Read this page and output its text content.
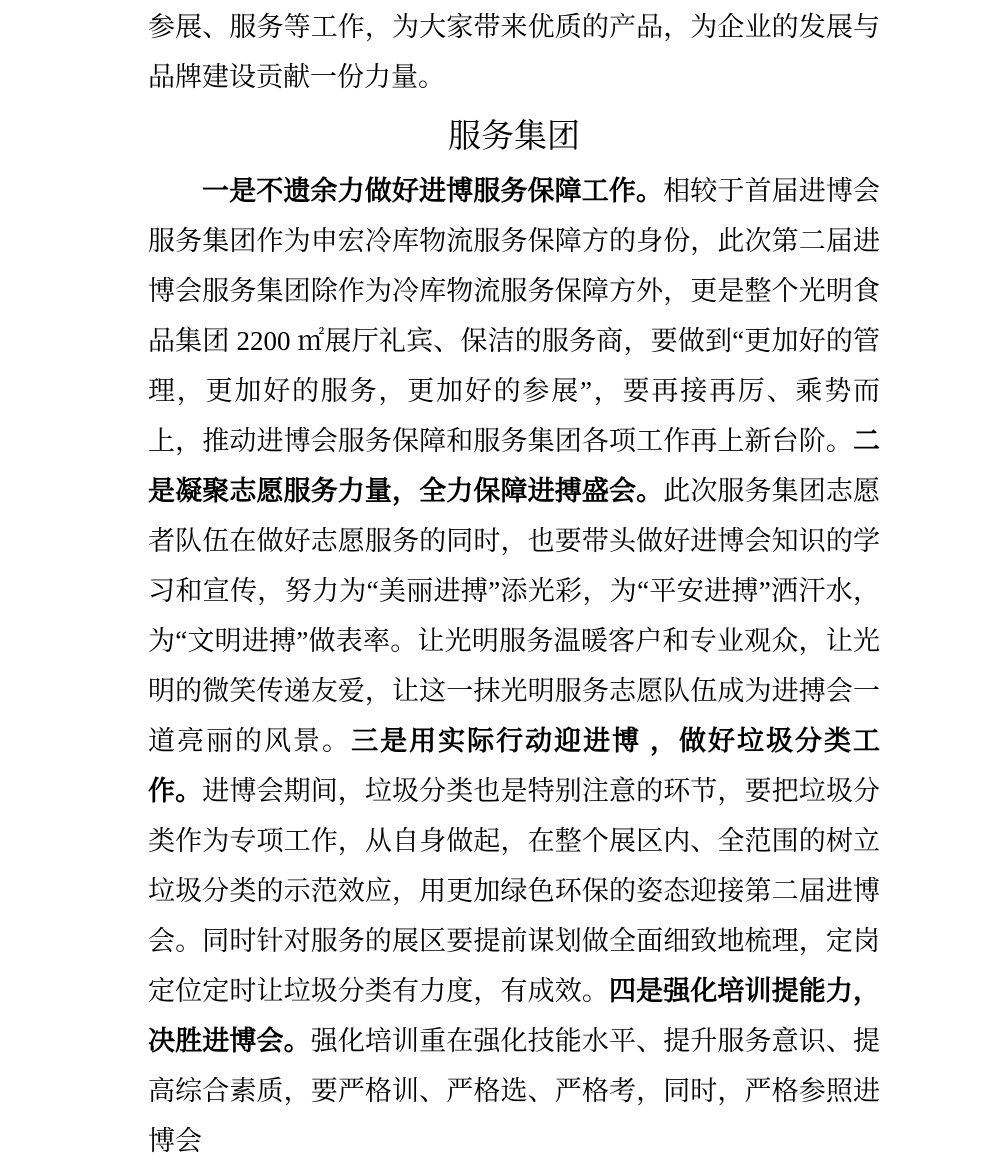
参展、服务等工作，为大家带来优质的产品，为企业的发展与品牌建设贡献一份力量。

服务集团

一是不遗余力做好进博服务保障工作。相较于首届进博会服务集团作为申宏冷库物流服务保障方的身份，此次第二届进博会服务集团除作为冷库物流服务保障方外，更是整个光明食品集团 2200 ㎡展厅礼宾、保洁的服务商，要做到“更加好的管理，更加好的服务，更加好的参展”，要再接再厉、乘势而上，推动进博会服务保障和服务集团各项工作再上新台阶。二是凝聚志愿服务力量，全力保障进搏盛会。此次服务集团志愿者队伍在做好志愿服务的同时，也要带头做好进博会知识的学习和宣传，努力为“美丽进搏”添光彩，为“平安进搏”洒汗水，为“文明进搏”做表率。让光明服务温暖客户和专业观众，让光明的微笑传递友爱，让这一抹光明服务志愿队伍成为进搏会一道亮丽的风景。三是用实际行动迎进博 ，做好垃圾分类工作。进博会期间，垃圾分类也是特别注意的环节，要把垃圾分类作为专项工作，从自身做起，在整个展区内、全范围的树立垃圾分类的示范效应，用更加绿色环保的姿态迎接第二届进博会。同时针对服务的展区要提前谋划做全面细致地梳理，定岗定位定时让垃圾分类有力度，有成效。四是强化培训提能力，决胜进博会。强化培训重在强化技能水平、提升服务意识、提高综合素质，要严格训、严格选、严格考，同时，严格参照进博会
